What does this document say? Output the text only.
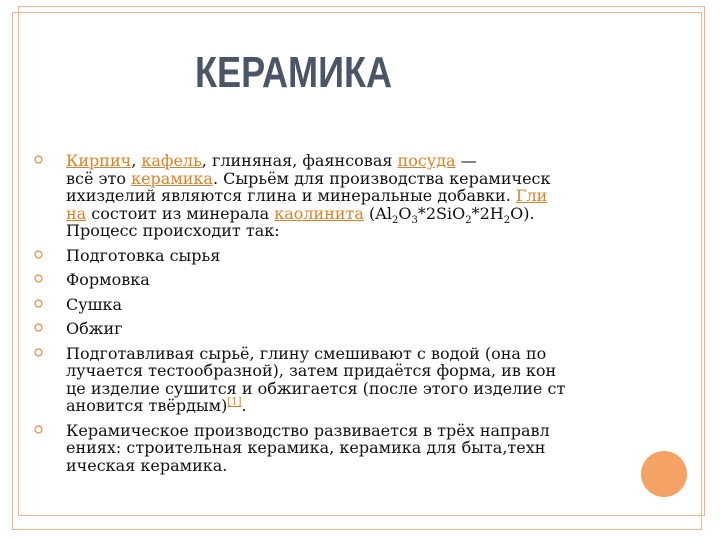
КЕРАМИКА
Кирпич, кафель, глиняная, фаянсовая посуда —
всё это керамика. Сырьём для производства керамическ
ихизделий являются глина и минеральные добавки. Гли
на состоит из минерала каолинита $(Al_2O_3*2SiO_2*2H_2O)$.
Процесс происходит так:
Подготовка сырья
Формовка
Сушка
Обжиг
Подготавливая сырьё, глину смешивают с водой (она по
лучается тестообразной), затем придаётся форма, ив кон
це изделие сушится и обжигается (после этого изделие ст
ановится твёрдым)[1].
Керамическое производство развивается в трёх направл
ениях: строительная керамика, керамика для быта,техн
ическая керамика.
